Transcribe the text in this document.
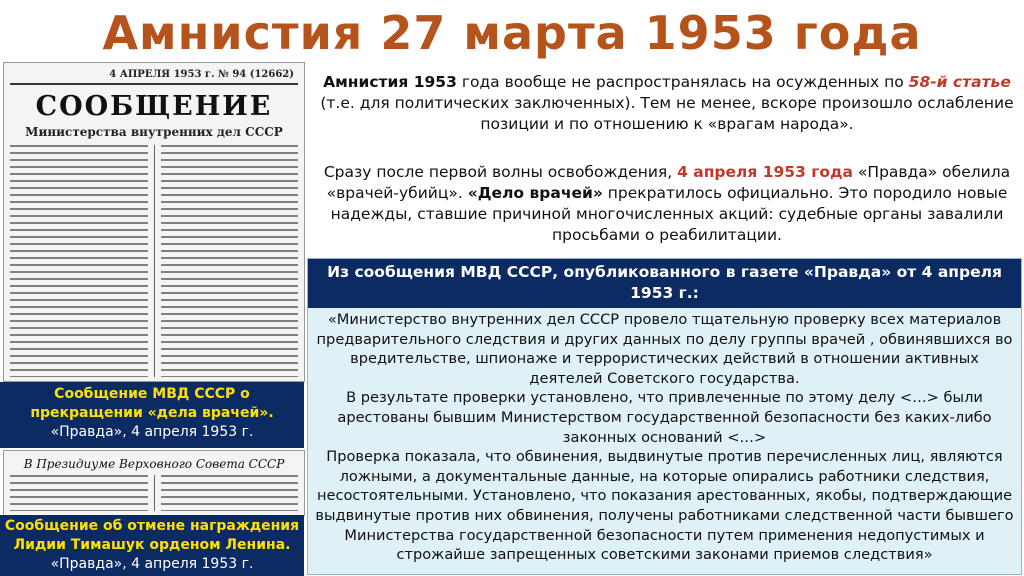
Амнистия 27 марта 1953 года
4 АПРЕЛЯ 1953 г. № 94 (12662)
СООБЩЕНИЕ
Министерства внутренних дел СССР
Сообщение МВД СССР о
прекращении «дела врачей».
«Правда», 4 апреля 1953 г.
В Президиуме Верховного Совета СССР
Сообщение об отмене награждения
Лидии Тимашук орденом Ленина.
«Правда», 4 апреля 1953 г.

Амнистия 1953 года вообще не распространялась на осужденных по 58-й статье (т.е. для политических заключенных). Тем не менее, вскоре произошло ослабление позиции и по отношению к «врагам народа».

Сразу после первой волны освобождения, 4 апреля 1953 года «Правда» обелила «врачей-убийц». «Дело врачей» прекратилось официально. Это породило новые надежды, ставшие причиной многочисленных акций: судебные органы завалили просьбами о реабилитации.

Из сообщения МВД СССР, опубликованного в газете «Правда» от 4 апреля 1953 г.:

«Министерство внутренних дел СССР провело тщательную проверку всех материалов предварительного следствия и других данных по делу группы врачей , обвинявшихся во вредительстве, шпионаже и террористических действий в отношении активных деятелей Советского государства.

В результате проверки установлено, что привлеченные по этому делу <…> были арестованы бывшим Министерством государственной безопасности без каких-либо законных оснований <…>

Проверка показала, что обвинения, выдвинутые против перечисленных лиц, являются ложными, а документальные данные, на которые опирались работники следствия, несостоятельными. Установлено, что показания арестованных, якобы, подтверждающие выдвинутые против них обвинения, получены работниками следственной части бывшего Министерства государственной безопасности путем применения недопустимых и строжайше запрещенных советскими законами приемов следствия»
